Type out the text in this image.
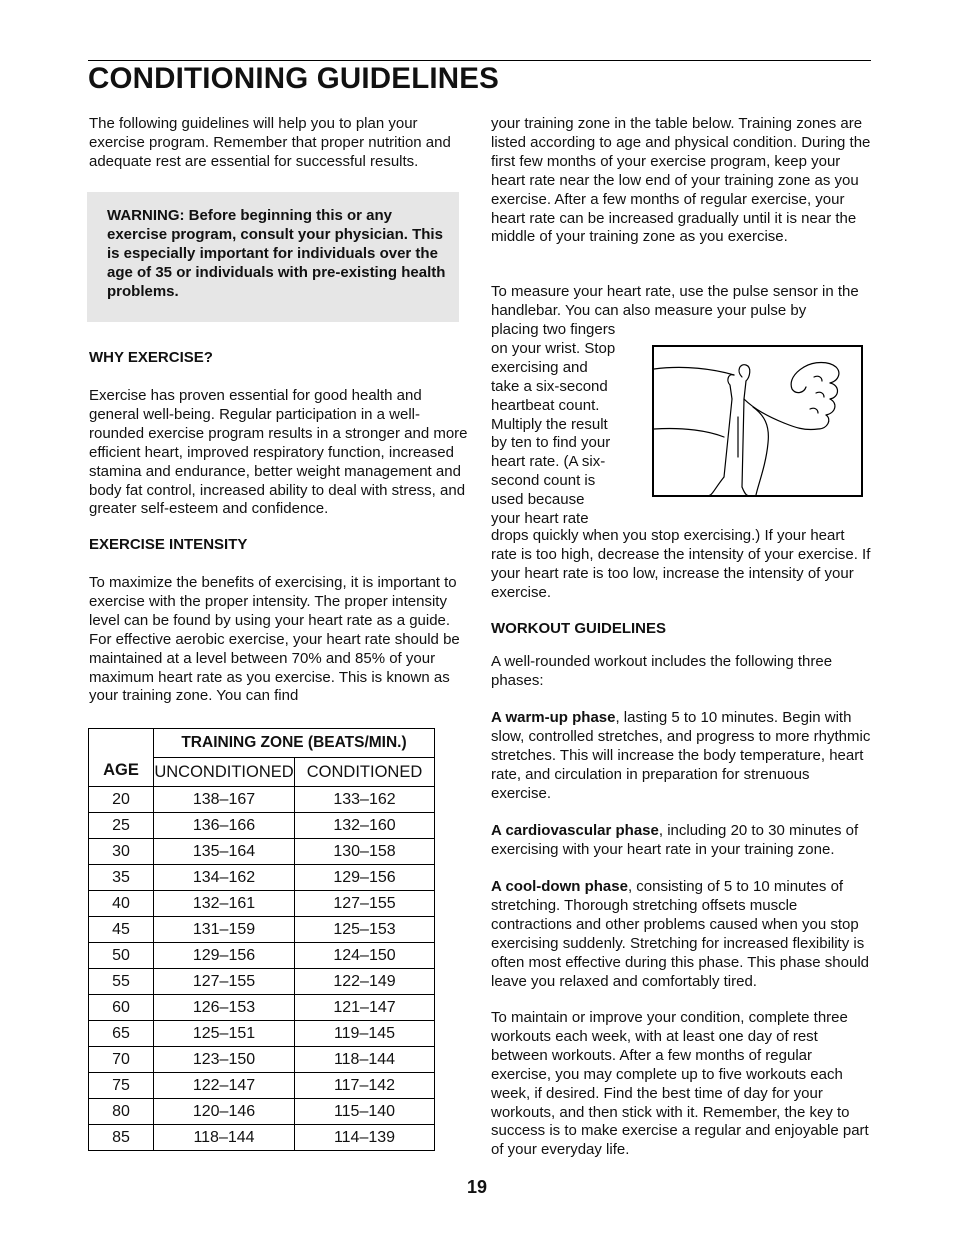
CONDITIONING GUIDELINES

The following guidelines will help you to plan your exercise program. Remember that proper nutrition and adequate rest are essential for successful results.

WARNING: Before beginning this or any exercise program, consult your physician. This is especially important for individuals over the age of 35 or individuals with pre-existing health problems.

WHY EXERCISE?

Exercise has proven essential for good health and general well-being. Regular participation in a well-rounded exercise program results in a stronger and more efficient heart, improved respiratory function, increased stamina and endurance, better weight management and body fat control, increased ability to deal with stress, and greater self-esteem and confidence.

EXERCISE INTENSITY

To maximize the benefits of exercising, it is important to exercise with the proper intensity. The proper intensity level can be found by using your heart rate as a guide. For effective aerobic exercise, your heart rate should be maintained at a level between 70% and 85% of your maximum heart rate as you exercise. This is known as your training zone. You can find

AGE	TRAINING ZONE (BEATS/MIN.)	
	UNCONDITIONED	CONDITIONED
20	138–167	133–162
25	136–166	132–160
30	135–164	130–158
35	134–162	129–156
40	132–161	127–155
45	131–159	125–153
50	129–156	124–150
55	127–155	122–149
60	126–153	121–147
65	125–151	119–145
70	123–150	118–144
75	122–147	117–142
80	120–146	115–140
85	118–144	114–139

your training zone in the table below. Training zones are listed according to age and physical condition. During the first few months of your exercise program, keep your heart rate near the low end of your training zone as you exercise. After a few months of regular exercise, your heart rate can be increased gradually until it is near the middle of your training zone as you exercise.

To measure your heart rate, use the pulse sensor in the handlebar. You can also measure your pulse by

placing two fingers
on your wrist. Stop
exercising and
take a six-second
heartbeat count.
Multiply the result
by ten to find your
heart rate. (A six-
second count is
used because
your heart rate

drops quickly when you stop exercising.) If your heart rate is too high, decrease the intensity of your exercise. If your heart rate is too low, increase the intensity of your exercise.

WORKOUT GUIDELINES

A well-rounded workout includes the following three phases:

A warm-up phase, lasting 5 to 10 minutes. Begin with slow, controlled stretches, and progress to more rhythmic stretches. This will increase the body temperature, heart rate, and circulation in preparation for strenuous exercise.

A cardiovascular phase, including 20 to 30 minutes of exercising with your heart rate in your training zone.

A cool-down phase, consisting of 5 to 10 minutes of stretching. Thorough stretching offsets muscle contractions and other problems caused when you stop exercising suddenly. Stretching for increased flexibility is often most effective during this phase. This phase should leave you relaxed and comfortably tired.

To maintain or improve your condition, complete three workouts each week, with at least one day of rest between workouts. After a few months of regular exercise, you may complete up to five workouts each week, if desired. Find the best time of day for your workouts, and then stick with it. Remember, the key to success is to make exercise a regular and enjoyable part of your everyday life.

19
